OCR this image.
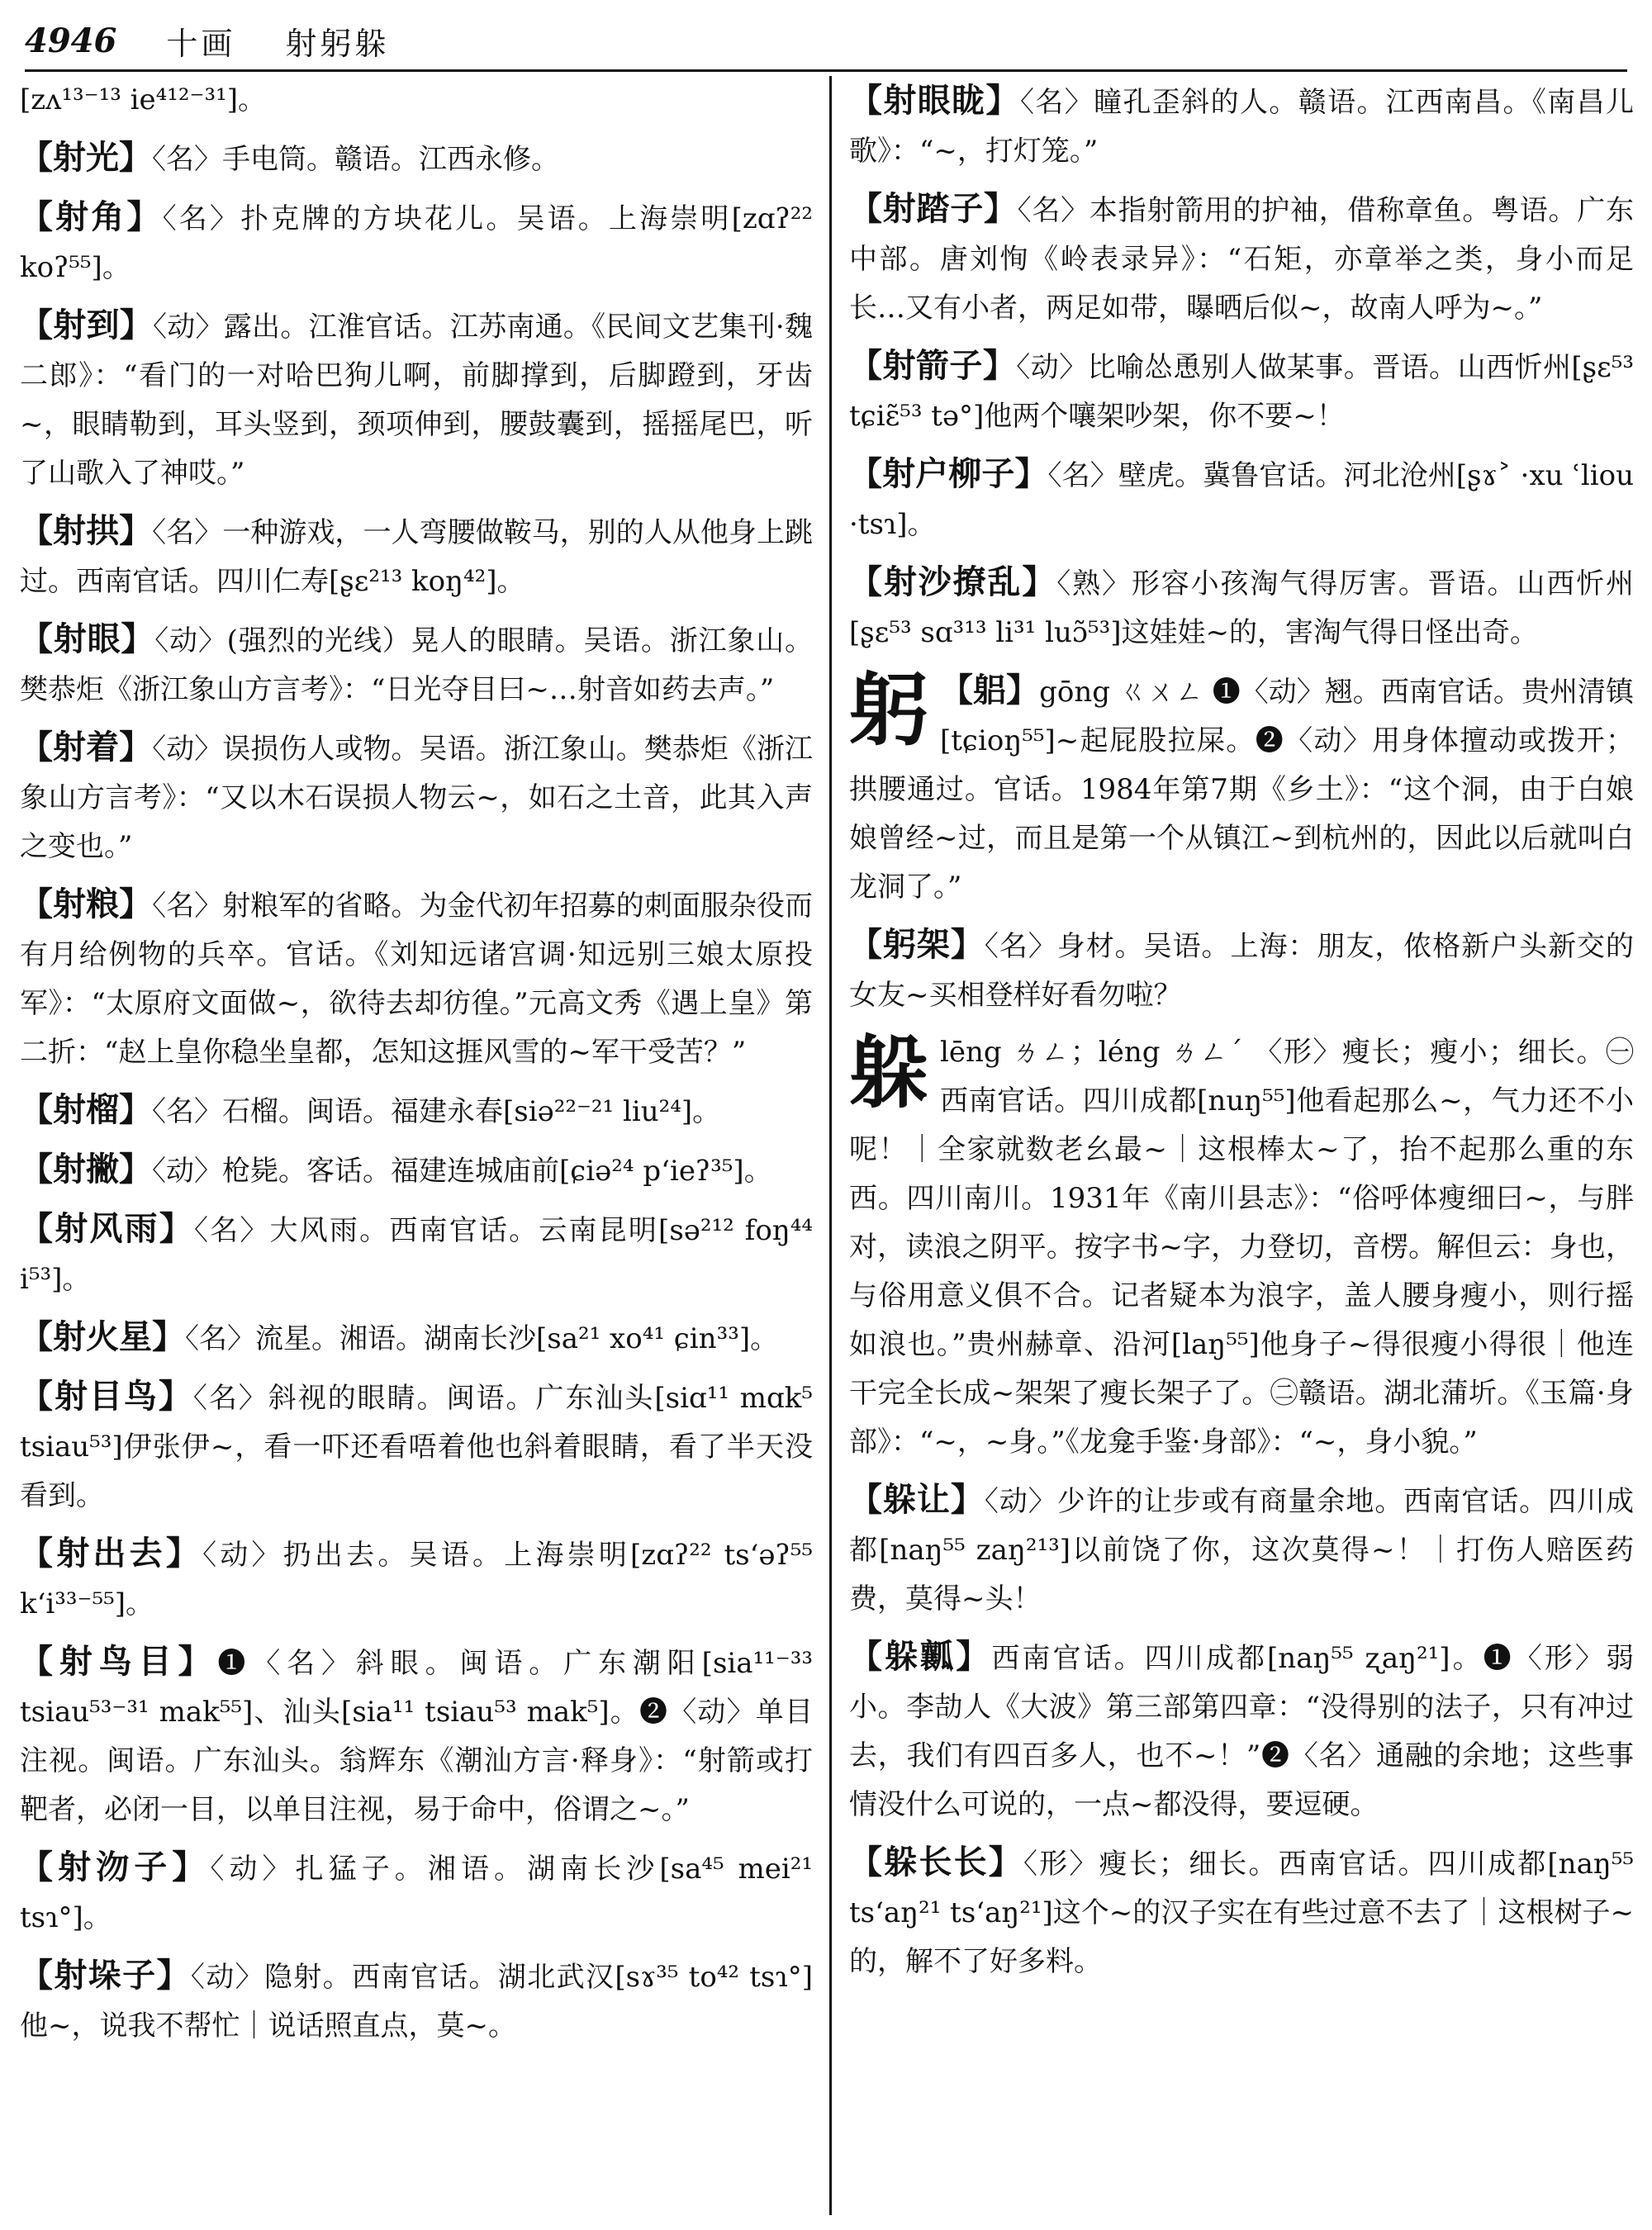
4946 十画 射躬躲

[zʌ¹³⁻¹³ ie⁴¹²⁻³¹]。

【射光】〈名〉手电筒。赣语。江西永修。

【射角】〈名〉扑克牌的方块花儿。吴语。上海崇明[zɑʔ²² koʔ⁵⁵]。

【射到】〈动〉露出。江淮官话。江苏南通。《民间文艺集刊·魏二郎》：“看门的一对哈巴狗儿啊，前脚撑到，后脚蹬到，牙齿~，眼睛勒到，耳头竖到，颈项伸到，腰鼓囊到，摇摇尾巴，听了山歌入了神哎。”

【射拱】〈名〉一种游戏，一人弯腰做鞍马，别的人从他身上跳过。西南官话。四川仁寿[ʂɛ²¹³ koŋ⁴²]。

【射眼】〈动〉(强烈的光线）晃人的眼睛。吴语。浙江象山。樊恭炬《浙江象山方言考》：“日光夺目曰~…射音如药去声。”

【射着】〈动〉误损伤人或物。吴语。浙江象山。樊恭炬《浙江象山方言考》：“又以木石误损人物云~，如石之土音，此其入声之变也。”

【射粮】〈名〉射粮军的省略。为金代初年招募的刺面服杂役而有月给例物的兵卒。官话。《刘知远诸宫调·知远别三娘太原投军》：“太原府文面做~，欲待去却彷徨。”元高文秀《遇上皇》第二折：“赵上皇你稳坐皇都，怎知这捱风雪的~军干受苦？”

【射榴】〈名〉石榴。闽语。福建永春[siə²²⁻²¹ liu²⁴]。

【射撇】〈动〉枪毙。客话。福建连城庙前[ɕiə²⁴ pʻieʔ³⁵]。

【射风雨】〈名〉大风雨。西南官话。云南昆明[sə²¹² foŋ⁴⁴ i⁵³]。

【射火星】〈名〉流星。湘语。湖南长沙[sa²¹ xo⁴¹ ɕin³³]。

【射目鸟】〈名〉斜视的眼睛。闽语。广东汕头[siɑ¹¹ mɑk⁵ tsiau⁵³]伊张伊~，看一吓还看唔着他也斜着眼睛，看了半天没看到。

【射出去】〈动〉扔出去。吴语。上海崇明[zɑʔ²² tsʻəʔ⁵⁵ kʻi³³⁻⁵⁵]。

【射鸟目】❶〈名〉斜眼。闽语。广东潮阳[sia¹¹⁻³³ tsiau⁵³⁻³¹ mak⁵⁵]、汕头[sia¹¹ tsiau⁵³ mak⁵]。❷〈动〉单目注视。闽语。广东汕头。翁辉东《潮汕方言·释身》：“射箭或打靶者，必闭一目，以单目注视，易于命中，俗谓之~。”

【射沕子】〈动〉扎猛子。湘语。湖南长沙[sa⁴⁵ mei²¹ tsɿ°]。

【射垛子】〈动〉隐射。西南官话。湖北武汉[sɤ³⁵ to⁴² tsɿ°]他~，说我不帮忙｜说话照直点，莫~。

【射眼眬】〈名〉瞳孔歪斜的人。赣语。江西南昌。《南昌儿歌》：“~，打灯笼。”

【射踏子】〈名〉本指射箭用的护袖，借称章鱼。粤语。广东中部。唐刘恂《岭表录异》：“石矩，亦章举之类，身小而足长…又有小者，两足如带，曝晒后似~，故南人呼为~。”

【射箭子】〈动〉比喻怂恿别人做某事。晋语。山西忻州[ʂɛ⁵³ tɕiɛ̃⁵³ tə°]他两个嚷架吵架，你不要~！

【射户柳子】〈名〉壁虎。冀鲁官话。河北沧州[ʂɤ˃ ·xu ʿliou ·tsɿ]。

【射沙撩乱】〈熟〉形容小孩淘气得厉害。晋语。山西忻州[ʂɛ⁵³ sɑ³¹³ li³¹ luɔ̃⁵³]这娃娃~的，害淘气得日怪出奇。

躬 【躳】gōng ㄍㄨㄥ ❶〈动〉翘。西南官话。贵州清镇[tɕioŋ⁵⁵]~起屁股拉屎。❷〈动〉用身体擅动或拨开；拱腰通过。官话。1984年第7期《乡土》：“这个洞，由于白娘娘曾经~过，而且是第一个从镇江~到杭州的，因此以后就叫白龙洞了。”

【躬架】〈名〉身材。吴语。上海：朋友，侬格新户头新交的女友~买相登样好看勿啦？

躲lēng ㄌㄥ；léng ㄌㄥˊ 〈形〉瘦长；瘦小；细长。㊀西南官话。四川成都[nuŋ⁵⁵]他看起那么~，气力还不小呢！｜全家就数老幺最~｜这根棒太~了，抬不起那么重的东西。四川南川。1931年《南川县志》：“俗呼体瘦细曰~，与胖对，读浪之阴平。按字书~字，力登切，音楞。解但云：身也，与俗用意义俱不合。记者疑本为浪字，盖人腰身瘦小，则行摇如浪也。”贵州赫章、沿河[laŋ⁵⁵]他身子~得很瘦小得很｜他连干完全长成~架架了瘦长架子了。㊁赣语。湖北蒲圻。《玉篇·身部》：“~，~身。”《龙龛手鉴·身部》：“~，身小貌。”

【躲让】〈动〉少许的让步或有商量余地。西南官话。四川成都[naŋ⁵⁵ zaŋ²¹³]以前饶了你，这次莫得~！｜打伤人赔医药费，莫得~头！

【躲瓤】西南官话。四川成都[naŋ⁵⁵ ʐaŋ²¹]。❶〈形〉弱小。李劼人《大波》第三部第四章：“没得别的法子，只有冲过去，我们有四百多人，也不~！”❷〈名〉通融的余地；这些事情没什么可说的，一点~都没得，要逗硬。

【躲长长】〈形〉瘦长；细长。西南官话。四川成都[naŋ⁵⁵ tsʻaŋ²¹ tsʻaŋ²¹]这个~的汉子实在有些过意不去了｜这根树子~的，解不了好多料。
